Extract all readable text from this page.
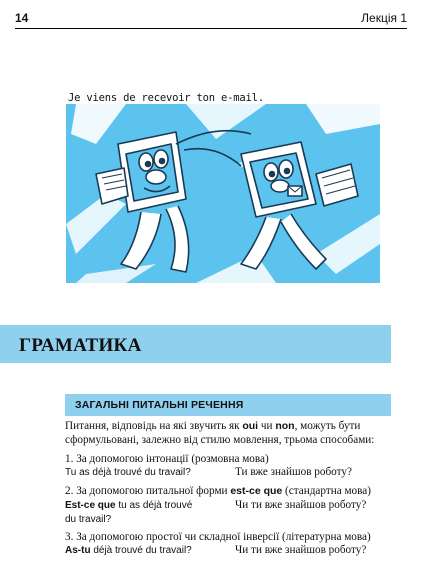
14	Лекція 1
Je viens de recevoir ton e-mail.
ГРАМАТИКА
ЗАГАЛЬНІ ПИТАЛЬНІ РЕЧЕННЯ
Питання, відповідь на які звучить як oui чи non, можуть бути
сформульовані, залежно від стилю мовлення, трьома способами:
1. За допомогою інтонації (розмовна мова)
Tu as déjà trouvé du travail?	Ти вже знайшов роботу?
2. За допомогою питальної форми est-ce que (стандартна мова)
Est-ce que tu as déjà trouvé
du travail?
Чи ти вже знайшов роботу?
3. За допомогою простої чи складної інверсії (літературна мова)
As-tu déjà trouvé du travail?	Чи ти вже знайшов роботу?
